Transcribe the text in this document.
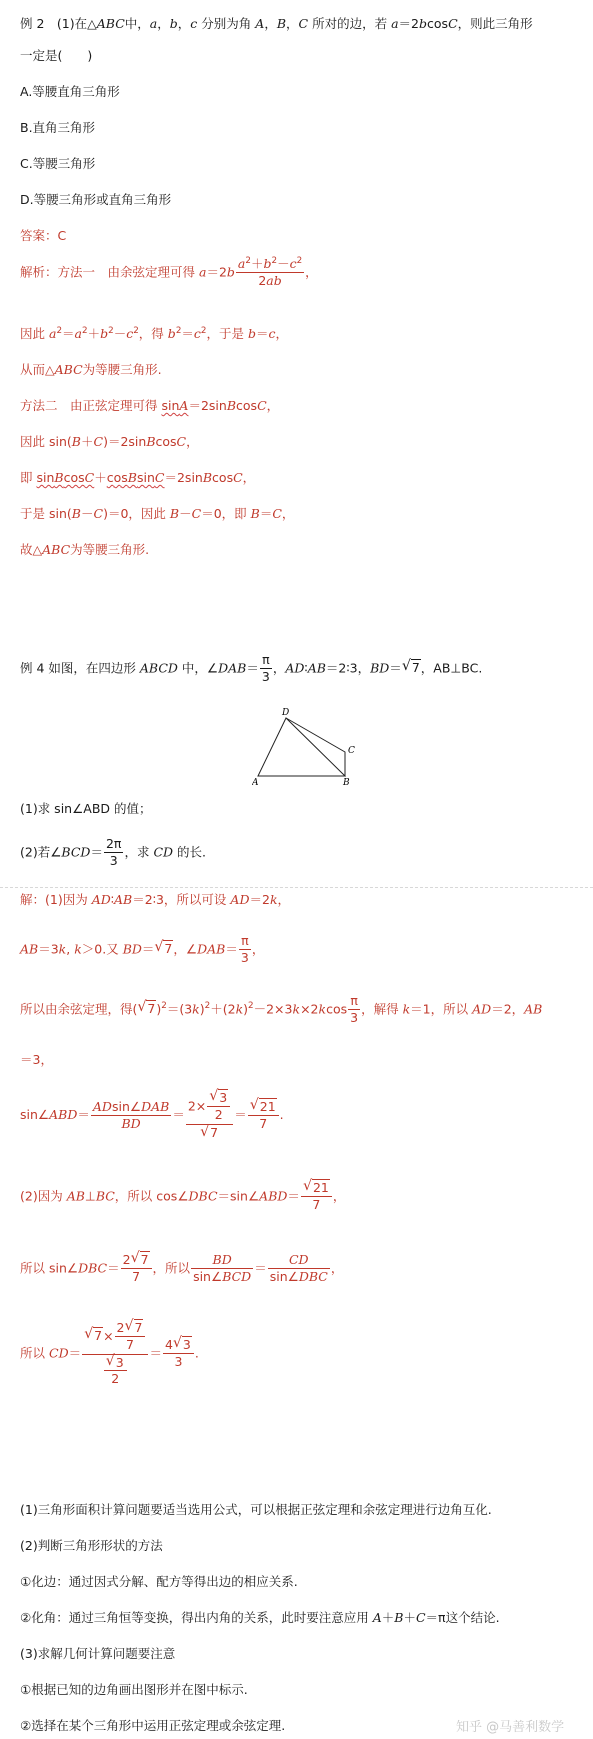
例 2　(1)在△ABC中，a，b，c 分别为角 A，B，C 所对的边，若 a＝2bcosC，则此三角形
一定是(　　)
A.等腰直角三角形
B.直角三角形
C.等腰三角形
D.等腰三角形或直角三角形
答案：C
解析：方法一　由余弦定理可得 $a=2b \frac{a^2+b^2-c^2}{2ab}$ ，
因此 $a^2=a^2+b^2-c^2$，得 $b^2=c^2$，于是 b＝c，
从而△ABC为等腰三角形.
方法二　由正弦定理可得 sinA＝2sinBcosC，
因此 sin(B＋C)＝2sinBcosC，
即 sinBcosC＋cosBsinC＝2sinBcosC，
于是 sin(B－C)＝0，因此 B－C＝0，即 B＝C，
故△ABC为等腰三角形.
例 4 如图，在四边形 ABCD 中，∠DAB＝ $\frac{\pi}{3}$ ，AD∶AB＝2∶3，BD＝ √ 7，AB⊥BC.
D
C
A	B
(1)求 sin∠ABD 的值；
(2)若∠BCD＝ $\frac{2\pi}{3}$ ，求 CD 的长.
解：(1)因为 AD∶AB＝2∶3，所以可设 AD＝2k，
AB＝3k, k＞0.又 BD＝ √ 7，∠DAB＝ $\frac{\pi}{3}$ ，
所以由余弦定理，得( √ $7)^2=(3k)^2+(2k)^2-2\times 3k\times 2kcos \frac{\pi}{3}$ ，解得 k＝1，所以 AD＝2，AB
＝3，
sin∠ABD＝ $\frac{\text{ADsin∠DAB}}{BD} = 2\times$ √ $\frac{3}{2}$
√ 7 ＝ √ $\frac{21}{7}$ .
(2)因为 AB⊥BC，所以 cos∠DBC＝sin∠ABD＝ √ $\frac{21}{7}$ ，
所以 sin∠DBC＝ $\frac{2 √ 7}{7}$ ，所以 $\frac{BD}{\text{sin∠BCD}} = \frac{CD}{\text{sin∠DBC}}$ ，
所以 CD＝ √ $7\times \frac{2 √ 7}{7}$
√ $\frac{3}{2} = \frac{4 √ 3}{3}$ .
(1)三角形面积计算问题要适当选用公式，可以根据正弦定理和余弦定理进行边角互化.
(2)判断三角形形状的方法
①化边：通过因式分解、配方等得出边的相应关系.
②化角：通过三角恒等变换，得出内角的关系，此时要注意应用 A＋B＋C＝π这个结论.
(3)求解几何计算问题要注意
①根据已知的边角画出图形并在图中标示.
②选择在某个三角形中运用正弦定理或余弦定理.	知乎 @马善利数学
